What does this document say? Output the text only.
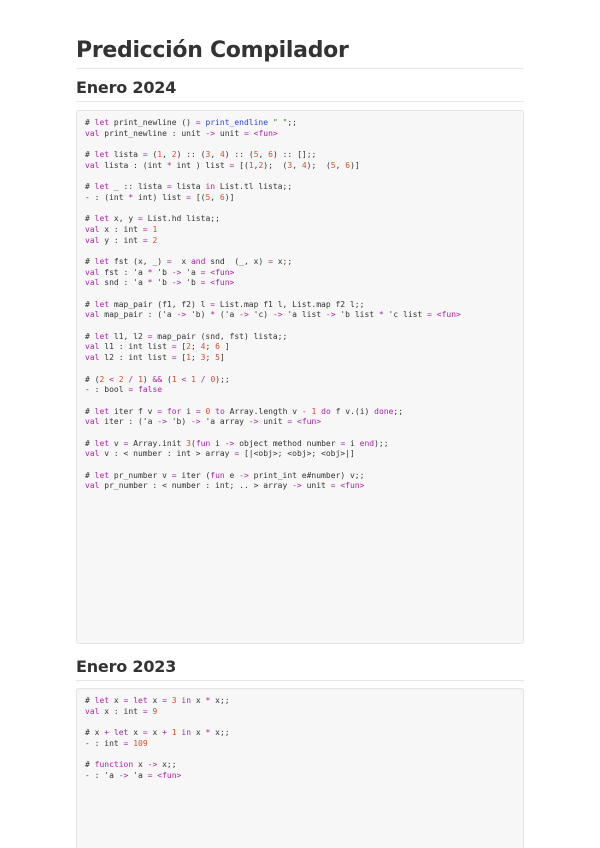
Predicción Compilador
Enero 2024
# let print_newline () = print_endline " ";;
val print_newline : unit -> unit = <fun>
# let lista = (1, 2) :: (3, 4) :: (5, 6) :: [];;
val lista : (int * int ) list = [(1,2);  (3, 4);  (5, 6)]
# let _ :: lista = lista in List.tl lista;;
- : (int * int) list = [(5, 6)]
# let x, y = List.hd lista;;
val x : int = 1
val y : int = 2
# let fst (x, _) =  x and snd  (_, x) = x;;
val fst : 'a * 'b -> 'a = <fun>
val snd : 'a * 'b -> 'b = <fun>
# let map_pair (f1, f2) l = List.map f1 l, List.map f2 l;;
val map_pair : ('a -> 'b) * ('a -> 'c) -> 'a list -> 'b list * 'c list = <fun>
# let l1, l2 = map_pair (snd, fst) lista;;
val l1 : int list = [2; 4; 6 ]
val l2 : int list = [1; 3; 5]
# (2 < 2 / 1) && (1 < 1 / 0);;
- : bool = false
# let iter f v = for i = 0 to Array.length v - 1 do f v.(i) done;;
val iter : ('a -> 'b) -> 'a array -> unit = <fun>
# let v = Array.init 3(fun i -> object method number = i end);;
val v : < number : int > array = [|<obj>; <obj>; <obj>|]
# let pr_number v = iter (fun e -> print_int e#number) v;;
val pr_number : < number : int; .. > array -> unit = <fun>
Enero 2023
# let x = let x = 3 in x * x;;
val x : int = 9
# x + let x = x + 1 in x * x;;
- : int = 109
# function x -> x;;
- : 'a -> 'a = <fun>
